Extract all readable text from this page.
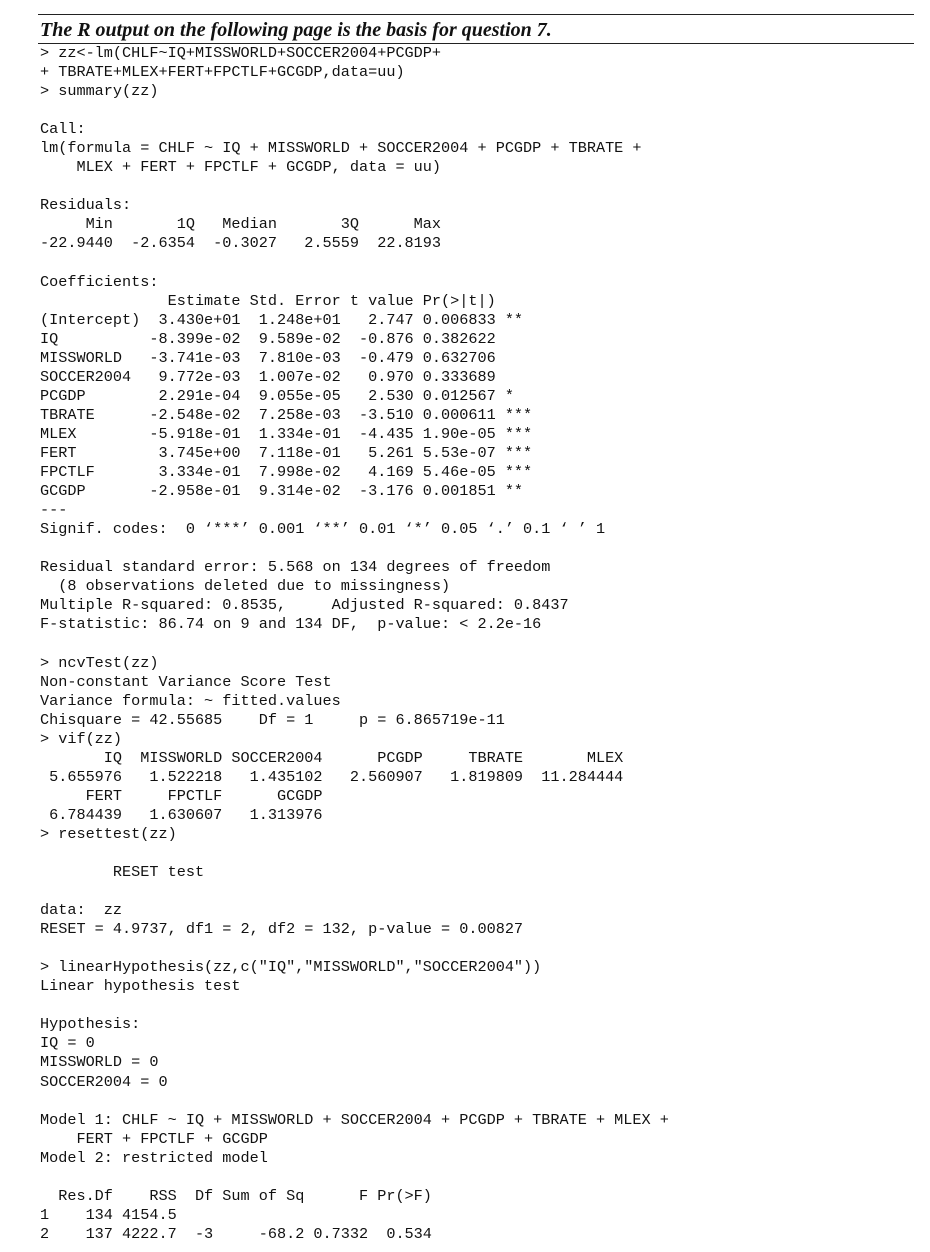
The R output on the following page is the basis for question 7.
> zz<-lm(CHLF~IQ+MISSWORLD+SOCCER2004+PCGDP+
+ TBRATE+MLEX+FERT+FPCTLF+GCGDP,data=uu)
> summary(zz)

Call:
lm(formula = CHLF ~ IQ + MISSWORLD + SOCCER2004 + PCGDP + TBRATE +
MLEX + FERT + FPCTLF + GCGDP, data = uu)

Residuals:
Min       1Q   Median       3Q      Max
-22.9440  -2.6354  -0.3027   2.5559  22.8193

Coefficients:
Estimate Std. Error t value Pr(>|t|)
(Intercept)  3.430e+01  1.248e+01   2.747 0.006833 **
IQ          -8.399e-02  9.589e-02  -0.876 0.382622
MISSWORLD   -3.741e-03  7.810e-03  -0.479 0.632706
SOCCER2004   9.772e-03  1.007e-02   0.970 0.333689
PCGDP        2.291e-04  9.055e-05   2.530 0.012567 *
TBRATE      -2.548e-02  7.258e-03  -3.510 0.000611 ***
MLEX        -5.918e-01  1.334e-01  -4.435 1.90e-05 ***
FERT         3.745e+00  7.118e-01   5.261 5.53e-07 ***
FPCTLF       3.334e-01  7.998e-02   4.169 5.46e-05 ***
GCGDP       -2.958e-01  9.314e-02  -3.176 0.001851 **
---
Signif. codes:  0 ‘***’ 0.001 ‘**’ 0.01 ‘*’ 0.05 ‘.’ 0.1 ‘ ’ 1

Residual standard error: 5.568 on 134 degrees of freedom
(8 observations deleted due to missingness)
Multiple R-squared: 0.8535,     Adjusted R-squared: 0.8437
F-statistic: 86.74 on 9 and 134 DF,  p-value: < 2.2e-16

> ncvTest(zz)
Non-constant Variance Score Test
Variance formula: ~ fitted.values
Chisquare = 42.55685    Df = 1     p = 6.865719e-11
> vif(zz)
IQ  MISSWORLD SOCCER2004      PCGDP     TBRATE       MLEX
5.655976   1.522218   1.435102   2.560907   1.819809  11.284444
FERT     FPCTLF      GCGDP
6.784439   1.630607   1.313976
> resettest(zz)

RESET test

data:  zz
RESET = 4.9737, df1 = 2, df2 = 132, p-value = 0.00827

> linearHypothesis(zz,c("IQ","MISSWORLD","SOCCER2004"))
Linear hypothesis test

Hypothesis:
IQ = 0
MISSWORLD = 0
SOCCER2004 = 0

Model 1: CHLF ~ IQ + MISSWORLD + SOCCER2004 + PCGDP + TBRATE + MLEX +
FERT + FPCTLF + GCGDP
Model 2: restricted model

Res.Df    RSS  Df Sum of Sq      F Pr(>F)
1    134 4154.5
2    137 4222.7  -3     -68.2 0.7332  0.534
